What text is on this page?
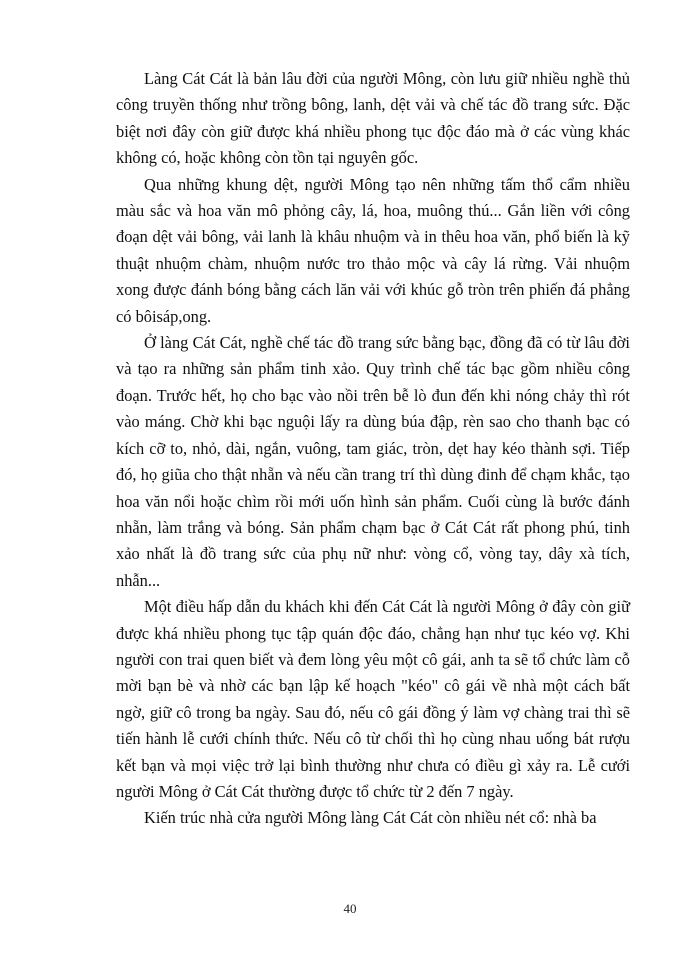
Làng Cát Cát là bản lâu đời của người Mông, còn lưu giữ nhiều nghề thủ công truyền thống như trồng bông, lanh, dệt vải và chế tác đồ trang sức. Đặc biệt nơi đây còn giữ được khá nhiều phong tục độc đáo mà ở các vùng khác không có, hoặc không còn tồn tại nguyên gốc.

Qua những khung dệt, người Mông tạo nên những tấm thổ cẩm nhiều màu sắc và hoa văn mô phỏng cây, lá, hoa, muông thú... Gắn liền với công đoạn dệt vải bông, vải lanh là khâu nhuộm và in thêu hoa văn, phổ biến là kỹ thuật nhuộm chàm, nhuộm nước tro thảo mộc và cây lá rừng. Vải nhuộm xong được đánh bóng bằng cách lăn vải với khúc gỗ tròn trên phiến đá phẳng có bôisáp,ong.

Ở làng Cát Cát, nghề chế tác đồ trang sức bằng bạc, đồng đã có từ lâu đời và tạo ra những sản phẩm tinh xảo. Quy trình chế tác bạc gồm nhiều công đoạn. Trước hết, họ cho bạc vào nồi trên bễ lò đun đến khi nóng chảy thì rót vào máng. Chờ khi bạc nguội lấy ra dùng búa đập, rèn sao cho thanh bạc có kích cỡ to, nhỏ, dài, ngắn, vuông, tam giác, tròn, dẹt hay kéo thành sợi. Tiếp đó, họ giũa cho thật nhẵn và nếu cần trang trí thì dùng đinh để chạm khắc, tạo hoa văn nổi hoặc chìm rồi mới uốn hình sản phẩm. Cuối cùng là bước đánh nhẵn, làm trắng và bóng. Sản phẩm chạm bạc ở Cát Cát rất phong phú, tinh xảo nhất là đồ trang sức của phụ nữ như: vòng cổ, vòng tay, dây xà tích, nhẫn...

Một điều hấp dẫn du khách khi đến Cát Cát là người Mông ở đây còn giữ được khá nhiều phong tục tập quán độc đáo, chẳng hạn như tục kéo vợ. Khi người con trai quen biết và đem lòng yêu một cô gái, anh ta sẽ tổ chức làm cỗ mời bạn bè và nhờ các bạn lập kế hoạch "kéo" cô gái về nhà một cách bất ngờ, giữ cô trong ba ngày. Sau đó, nếu cô gái đồng ý làm vợ chàng trai thì sẽ tiến hành lễ cưới chính thức. Nếu cô từ chối thì họ cùng nhau uống bát rượu kết bạn và mọi việc trở lại bình thường như chưa có điều gì xảy ra. Lễ cưới người Mông ở Cát Cát thường được tổ chức từ 2 đến 7 ngày.

Kiến trúc nhà cửa người Mông làng Cát Cát còn nhiều nét cổ: nhà ba

40
